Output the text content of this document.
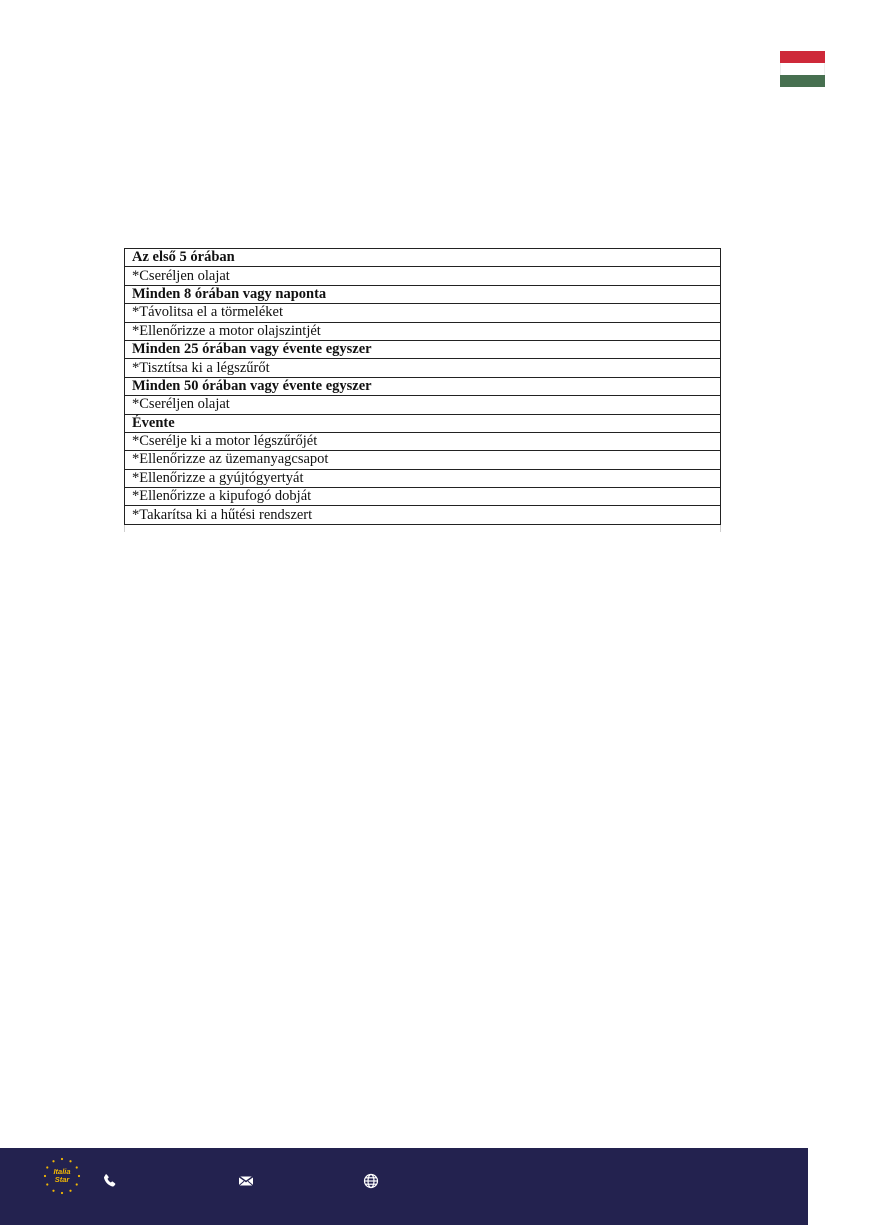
Az első 5 órában
*Cseréljen olajat
Minden 8 órában vagy naponta
*Távolitsa el a törmeléket
*Ellenőrizze a motor olajszintjét
Minden 25 órában vagy évente egyszer
*Tisztítsa ki a légszűrőt
Minden 50 órában vagy évente egyszer
*Cseréljen olajat
Évente
*Cserélje ki a motor légszűrőjét
*Ellenőrizze az üzemanyagcsapot
*Ellenőrizze a gyújtógyertyát
*Ellenőrizze a kipufogó dobját
*Takarítsa ki a hűtési rendszert
Italia
Star
